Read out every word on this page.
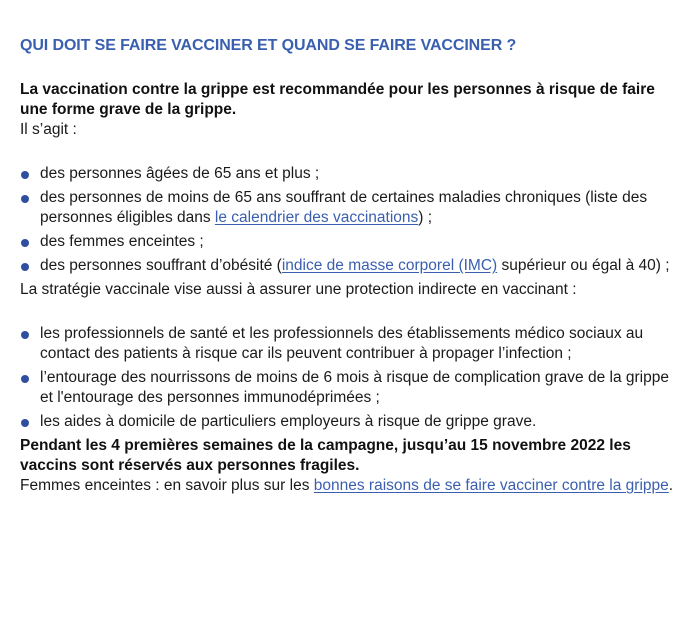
QUI DOIT SE FAIRE VACCINER ET QUAND SE FAIRE VACCINER ?

La vaccination contre la grippe est recommandée pour les personnes à risque de faire une forme grave de la grippe.

Il s’agit :

des personnes âgées de 65 ans et plus ;
des personnes de moins de 65 ans souffrant de certaines maladies chroniques (liste des personnes éligibles dans le calendrier des vaccinations) ;
des femmes enceintes ;
des personnes souffrant d’obésité (indice de masse corporel (IMC) supérieur ou égal à 40) ;

La stratégie vaccinale vise aussi à assurer une protection indirecte en vaccinant :

les professionnels de santé et les professionnels des établissements médico sociaux au contact des patients à risque car ils peuvent contribuer à propager l’infection ;
l’entourage des nourrissons de moins de 6 mois à risque de complication grave de la grippe et l'entourage des personnes immunodéprimées ;
les aides à domicile de particuliers employeurs à risque de grippe grave.

Pendant les 4 premières semaines de la campagne, jusqu’au 15 novembre 2022 les vaccins sont réservés aux personnes fragiles.

Femmes enceintes : en savoir plus sur les bonnes raisons de se faire vacciner contre la grippe.
